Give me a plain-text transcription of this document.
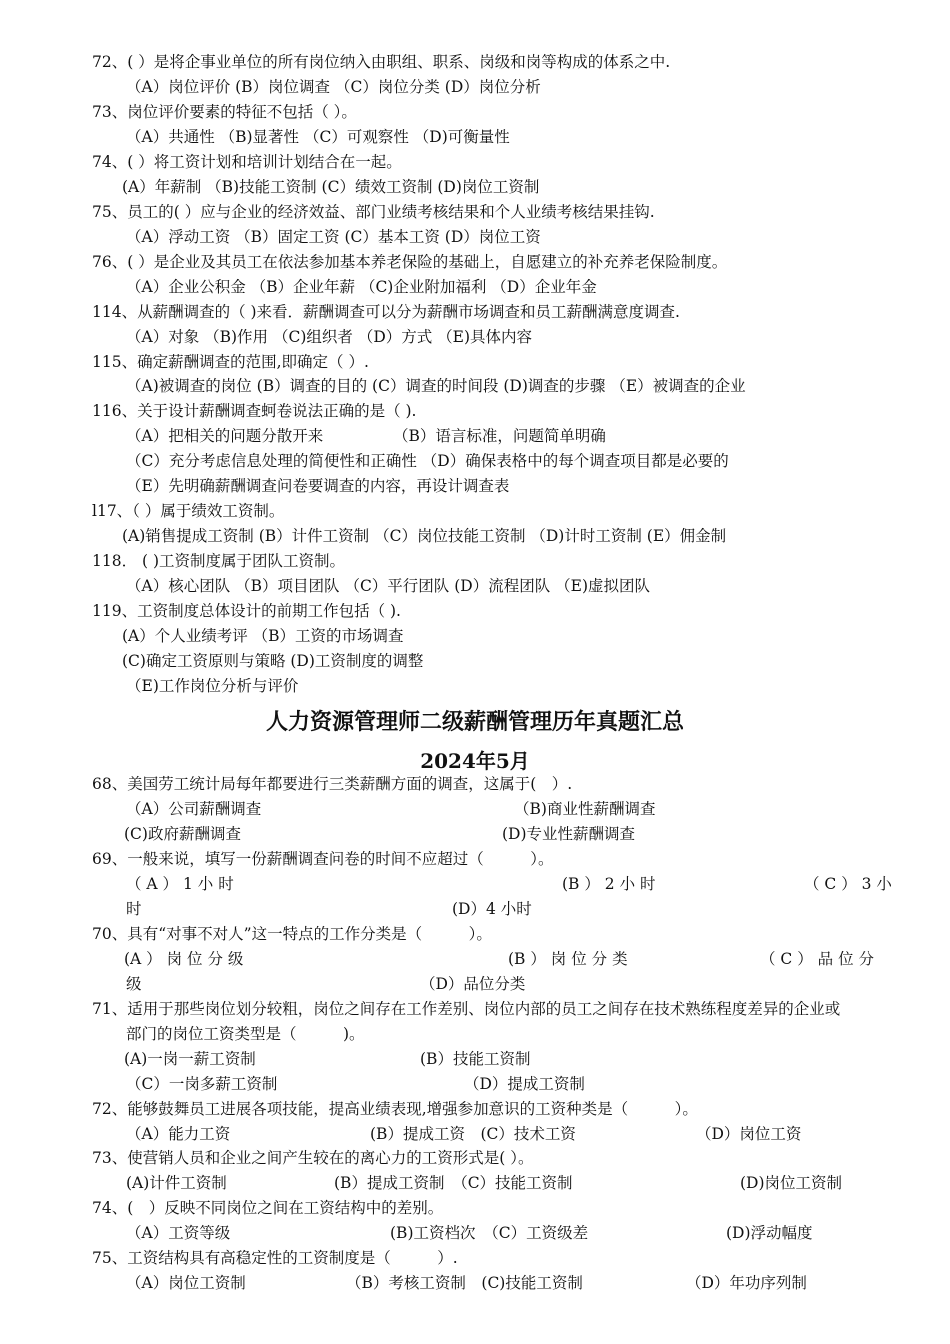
72、( ）是将企事业单位的所有岗位纳入由职组、职系、岗级和岗等构成的体系之中.
（A）岗位评价 (B）岗位调查 （C）岗位分类 (D）岗位分析
73、岗位评价要素的特征不包括（ ）。
（A）共通性 （B)显著性 （C）可观察性 （D)可衡量性
74、( ）将工资计划和培训计划结合在一起。
(A）年薪制 （B)技能工资制 (C）绩效工资制 (D)岗位工资制
75、员工的( ）应与企业的经济效益、部门业绩考核结果和个人业绩考核结果挂钩.
（A）浮动工资 （B）固定工资 (C）基本工资 (D）岗位工资
76、( ）是企业及其员工在依法参加基本养老保险的基础上，自愿建立的补充养老保险制度。
（A）企业公积金 （B）企业年薪 （C)企业附加福利 （D）企业年金
114、从薪酬调查的（ )来看．薪酬调查可以分为薪酬市场调查和员工薪酬满意度调查.
（A）对象 （B)作用 （C)组织者 （D）方式 （E)具体内容
115、确定薪酬调查的范围,即确定（ ）.
（A)被调查的岗位 (B）调查的目的 (C）调查的时间段 (D)调查的步骤 （E）被调查的企业
116、关于设计薪酬调查蚵卷说法正确的是（ ).
（A）把相关的问题分散开来　　　　　（B）语言标准，问题简单明确
（C）充分考虑信息处理的简便性和正确性 （D）确保表格中的每个调查项目都是必要的
（E）先明确薪酬调查问卷要调查的内容，再设计调查表
l17、（ ）属于绩效工资制。
(A)销售提成工资制 (B）计件工资制 （C）岗位技能工资制 （D)计时工资制 (E）佣金制
118． ( )工资制度属于团队工资制。
（A）核心团队 （B）项目团队 （C）平行团队 (D）流程团队 （E)虚拟团队
119、工资制度总体设计的前期工作包括（ ).
(A）个人业绩考评 （B）工资的市场调查
(C)确定工资原则与策略 (D)工资制度的调整
（E)工作岗位分析与评价
人力资源管理师二级薪酬管理历年真题汇总
2024年5月
68、美国劳工统计局每年都要进行三类薪酬方面的调查，这属于(　）.
（A）公司薪酬调查	（B)商业性薪酬调查
(C)政府薪酬调查	(D)专业性薪酬调查
69、一般来说，填写一份薪酬调查问卷的时间不应超过（　　　）。
（ A ） 1 小 时	(B ） 2 小 时	（ C ） 3 小
时	(D）4 小时
70、具有“对事不对人”这一特点的工作分类是（　　　）。
(A ） 岗 位 分 级	(B ） 岗 位 分 类	（ C ） 品 位 分
级	（D）品位分类
71、适用于那些岗位划分较粗，岗位之间存在工作差别、岗位内部的员工之间存在技术熟练程度差异的企业或
部门的岗位工资类型是（　　　)。
(A)一岗一薪工资制	(B）技能工资制
（C）一岗多薪工资制	（D）提成工资制
72、能够鼓舞员工进展各项技能，提高业绩表现,增强参加意识的工资种类是（　　　）。
（A）能力工资	(B）提成工资　(C）技术工资	（D）岗位工资
73、使营销人员和企业之间产生较在的离心力的工资形式是( ）。
(A)计件工资制	(B）提成工资制　（C）技能工资制	(D)岗位工资制
74、(　）反映不同岗位之间在工资结构中的差别。
（A）工资等级	(B)工资档次　（C）工资级差	(D)浮动幅度
75、工资结构具有高稳定性的工资制度是（　　　）.
（A）岗位工资制	（B）考核工资制　(C)技能工资制	（D）年功序列制
